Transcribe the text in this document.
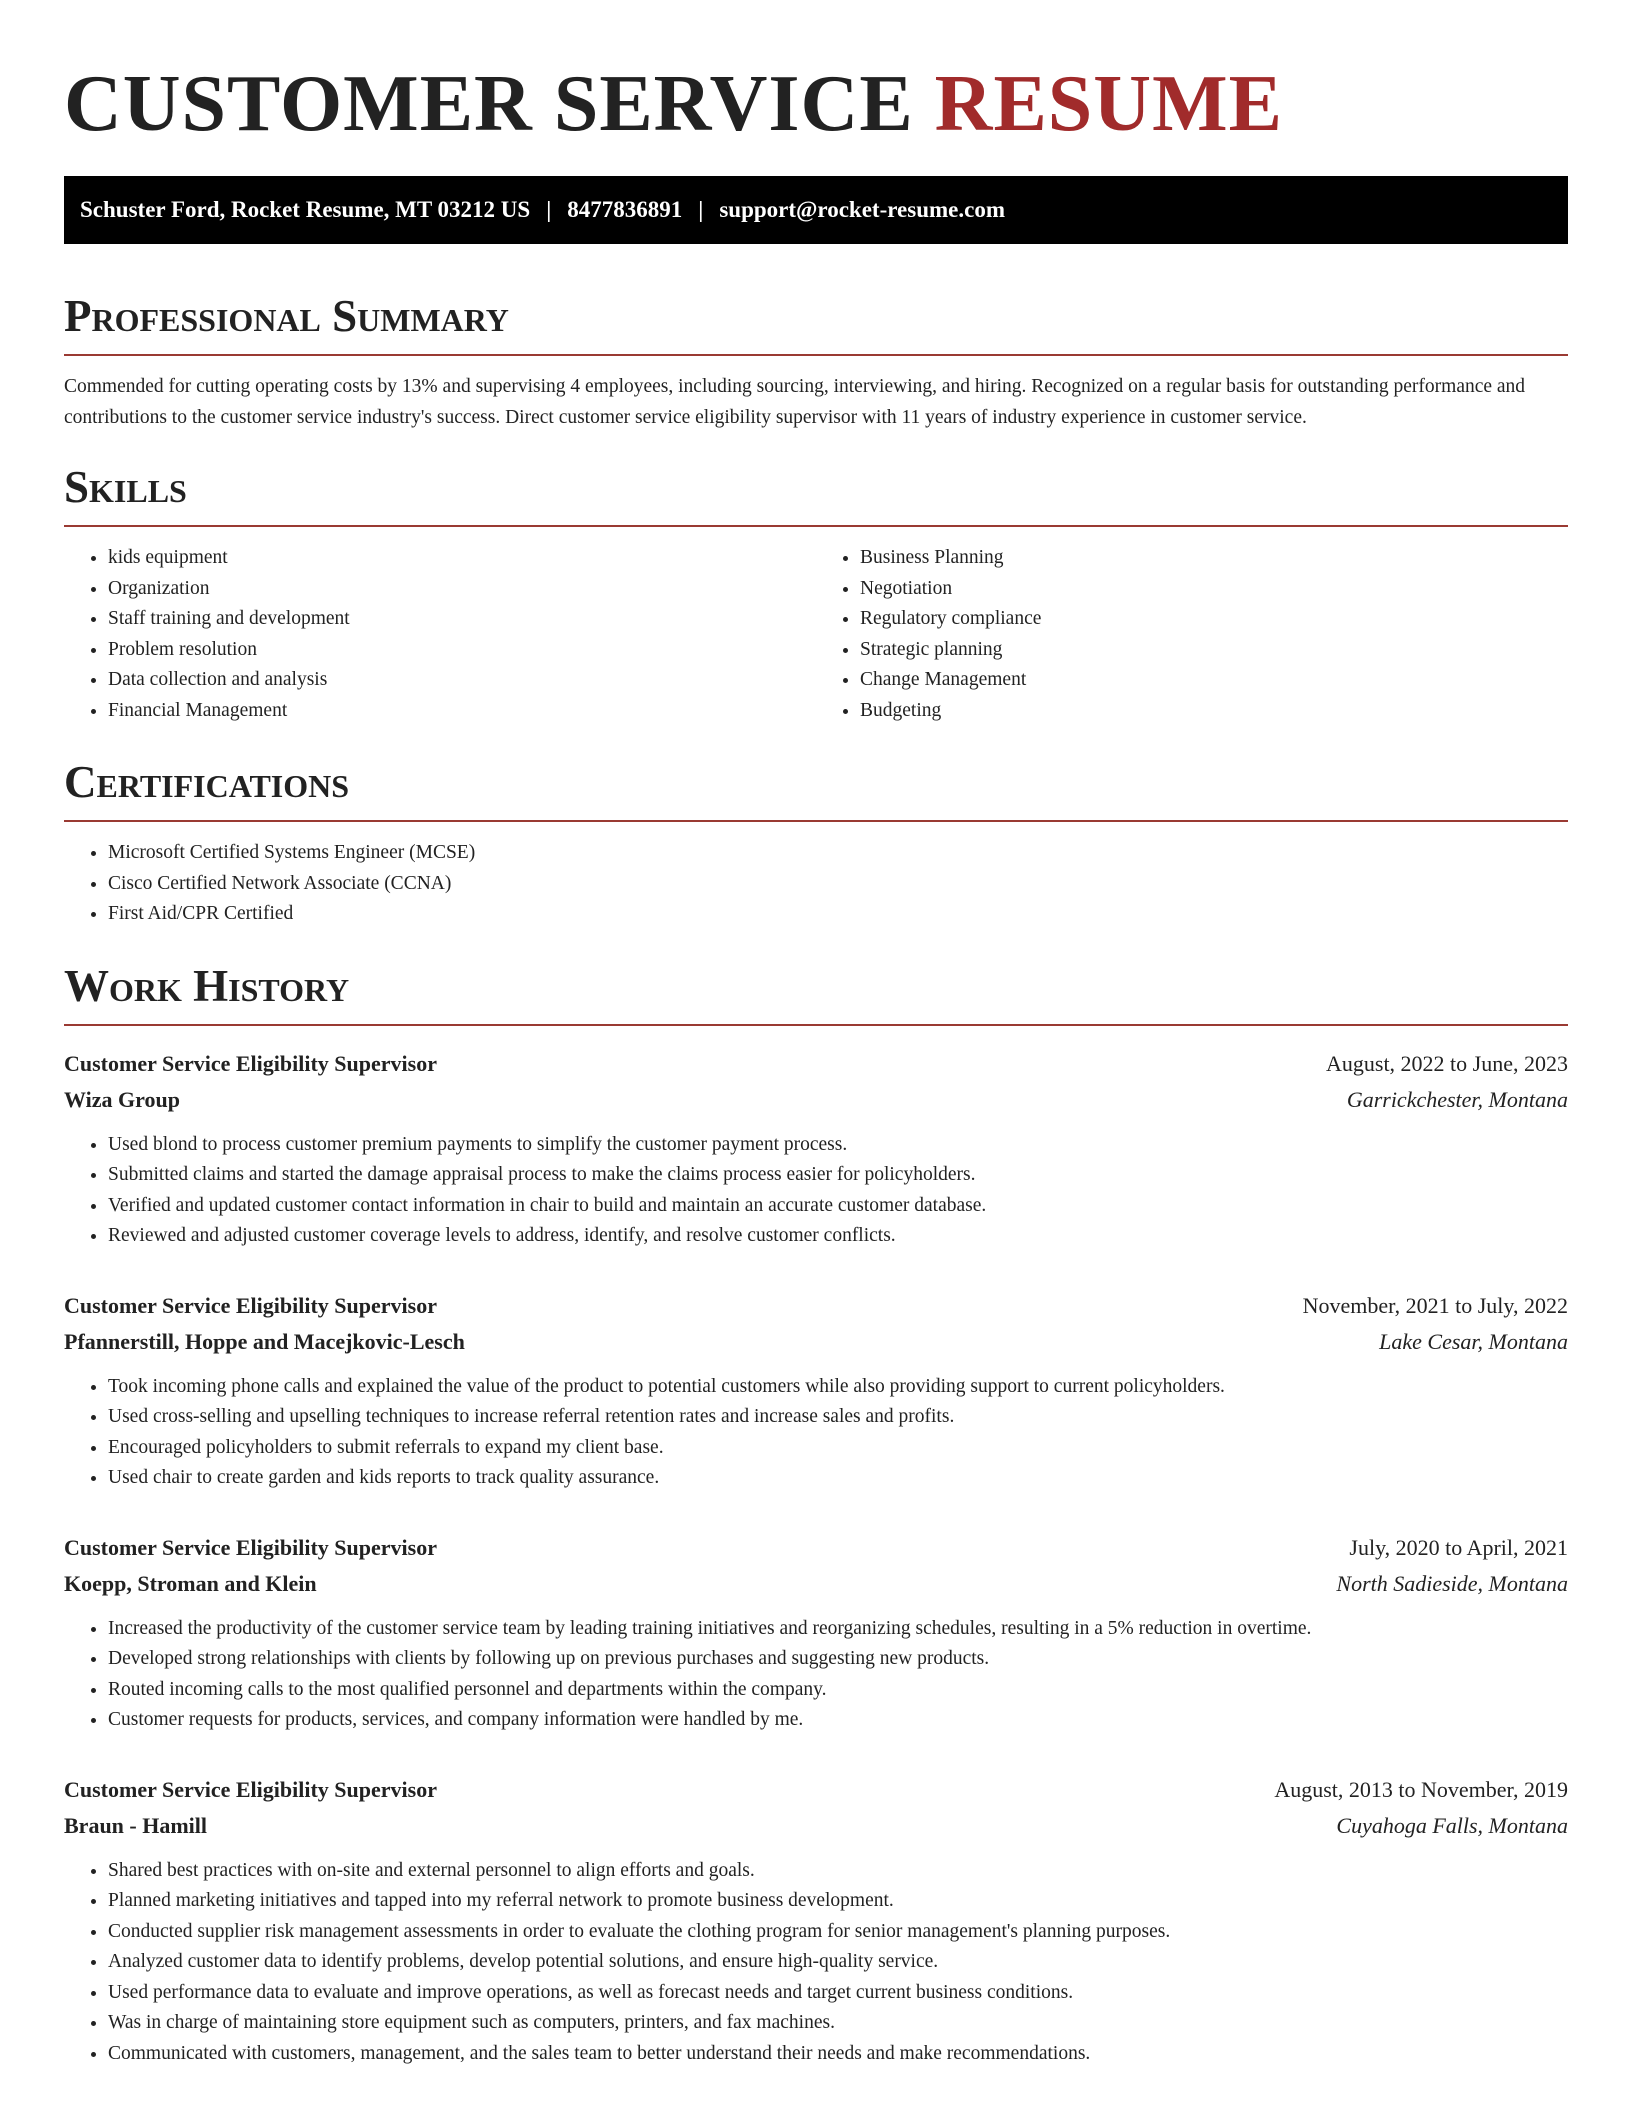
CUSTOMER SERVICE RESUME
Schuster Ford, Rocket Resume, MT 03212 US | 8477836891 | support@rocket-resume.com
Professional Summary

Commended for cutting operating costs by 13% and supervising 4 employees, including sourcing, interviewing, and hiring. Recognized on a regular basis for outstanding performance and contributions to the customer service industry's success. Direct customer service eligibility supervisor with 11 years of industry experience in customer service.

Skills
• kids equipment
• Organization
• Staff training and development
• Problem resolution
• Data collection and analysis
• Financial Management
• Business Planning
• Negotiation
• Regulatory compliance
• Strategic planning
• Change Management
• Budgeting
Certifications
• Microsoft Certified Systems Engineer (MCSE)
• Cisco Certified Network Associate (CCNA)
• First Aid/CPR Certified
Work History
Customer Service Eligibility Supervisor	August, 2022 to June, 2023
Wiza Group	Garrickchester, Montana
• Used blond to process customer premium payments to simplify the customer payment process.
• Submitted claims and started the damage appraisal process to make the claims process easier for policyholders.
• Verified and updated customer contact information in chair to build and maintain an accurate customer database.
• Reviewed and adjusted customer coverage levels to address, identify, and resolve customer conflicts.
Customer Service Eligibility Supervisor	November, 2021 to July, 2022
Pfannerstill, Hoppe and Macejkovic-Lesch	Lake Cesar, Montana
• Took incoming phone calls and explained the value of the product to potential customers while also providing support to current policyholders.
• Used cross-selling and upselling techniques to increase referral retention rates and increase sales and profits.
• Encouraged policyholders to submit referrals to expand my client base.
• Used chair to create garden and kids reports to track quality assurance.
Customer Service Eligibility Supervisor	July, 2020 to April, 2021
Koepp, Stroman and Klein	North Sadieside, Montana
• Increased the productivity of the customer service team by leading training initiatives and reorganizing schedules, resulting in a 5% reduction in overtime.
• Developed strong relationships with clients by following up on previous purchases and suggesting new products.
• Routed incoming calls to the most qualified personnel and departments within the company.
• Customer requests for products, services, and company information were handled by me.
Customer Service Eligibility Supervisor	August, 2013 to November, 2019
Braun - Hamill	Cuyahoga Falls, Montana
• Shared best practices with on-site and external personnel to align efforts and goals.
• Planned marketing initiatives and tapped into my referral network to promote business development.
• Conducted supplier risk management assessments in order to evaluate the clothing program for senior management's planning purposes.
• Analyzed customer data to identify problems, develop potential solutions, and ensure high-quality service.
• Used performance data to evaluate and improve operations, as well as forecast needs and target current business conditions.
• Was in charge of maintaining store equipment such as computers, printers, and fax machines.
• Communicated with customers, management, and the sales team to better understand their needs and make recommendations.
